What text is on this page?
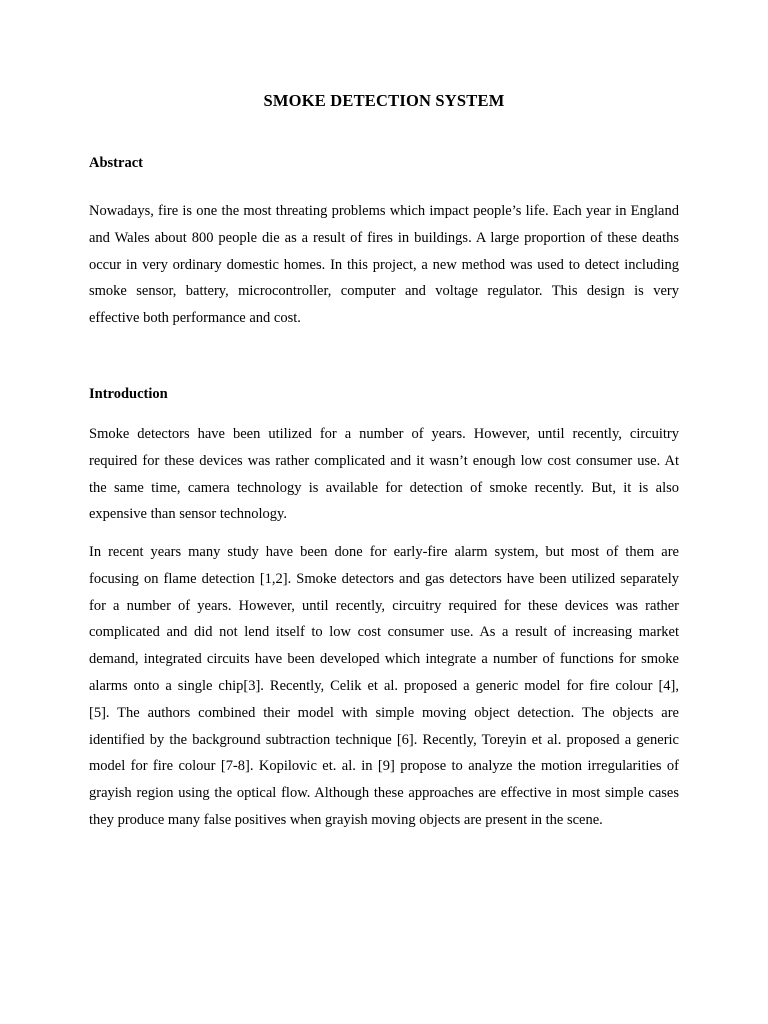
SMOKE DETECTION SYSTEM
Abstract

Nowadays, fire is one the most threating problems which impact people’s life. Each year in England
and Wales about 800 people die as a result of fires in buildings. A large proportion of these deaths
occur in very ordinary domestic homes. In this project, a new method was used to detect including
smoke sensor, battery, microcontroller, computer and voltage regulator. This design is very
effective both performance and cost.

Introduction

Smoke detectors have been utilized for a number of years. However, until recently, circuitry
required for these devices was rather complicated and it wasn’t enough low cost consumer use. At
the same time, camera technology is available for detection of smoke recently. But, it is also
expensive than sensor technology.

In recent years many study have been done for early-fire alarm system, but most of them are
focusing on flame detection [1,2]. Smoke detectors and gas detectors have been utilized separately
for a number of years. However, until recently, circuitry required for these devices was rather
complicated and did not lend itself to low cost consumer use. As a result of increasing market
demand, integrated circuits have been developed which integrate a number of functions for smoke
alarms onto a single chip[3]. Recently, Celik et al. proposed a generic model for fire colour [4],
[5]. The authors combined their model with simple moving object detection. The objects are
identified by the background subtraction technique [6]. Recently, Toreyin et al. proposed a generic
model for fire colour [7-8]. Kopilovic et. al. in [9] propose to analyze the motion irregularities of
grayish region using the optical flow. Although these approaches are effective in most simple cases
they produce many false positives when grayish moving objects are present in the scene.
